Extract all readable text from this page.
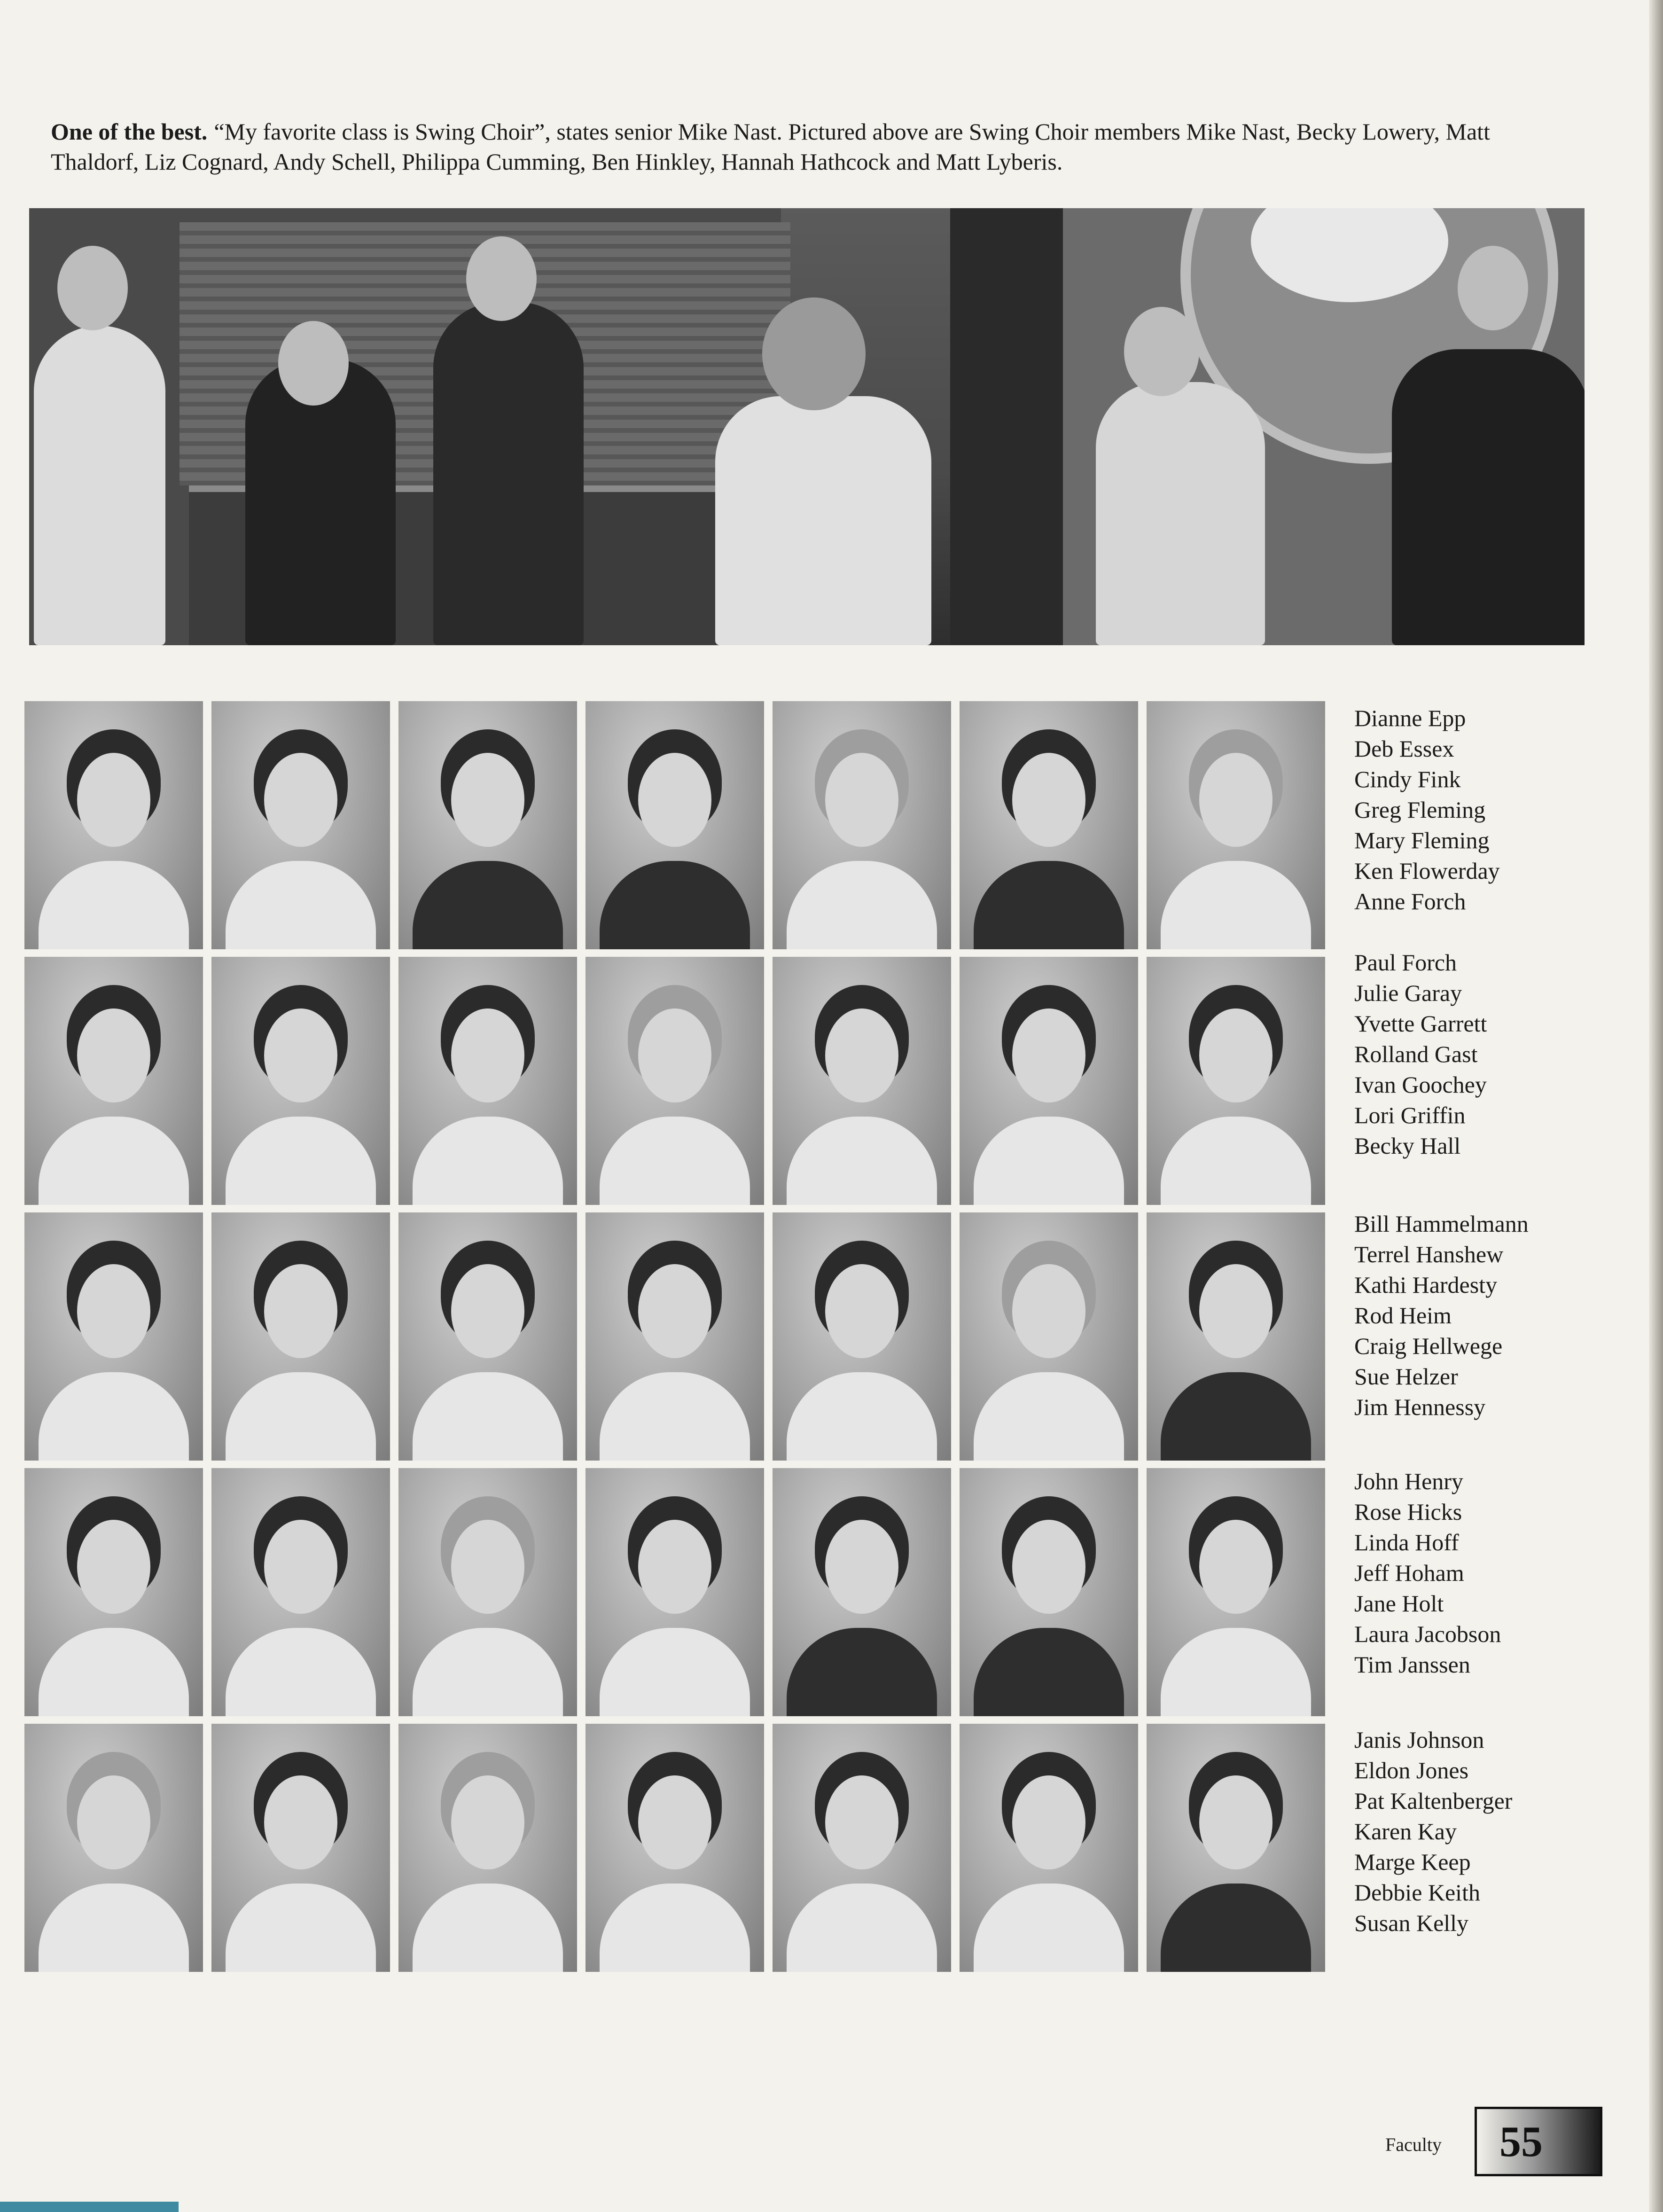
One of the best. “My favorite class is Swing Choir”, states senior Mike Nast. Pictured above are Swing Choir members Mike Nast, Becky Lowery, Matt Thaldorf, Liz Cognard, Andy Schell, Philippa Cumming, Ben Hinkley, Hannah Hathcock and Matt Lyberis.

Dianne Epp
Deb Essex
Cindy Fink
Greg Fleming
Mary Fleming
Ken Flowerday
Anne Forch
Paul Forch
Julie Garay
Yvette Garrett
Rolland Gast
Ivan Goochey
Lori Griffin
Becky Hall
Bill Hammelmann
Terrel Hanshew
Kathi Hardesty
Rod Heim
Craig Hellwege
Sue Helzer
Jim Hennessy
John Henry
Rose Hicks
Linda Hoff
Jeff Hoham
Jane Holt
Laura Jacobson
Tim Janssen
Janis Johnson
Eldon Jones
Pat Kaltenberger
Karen Kay
Marge Keep
Debbie Keith
Susan Kelly
Faculty 55
